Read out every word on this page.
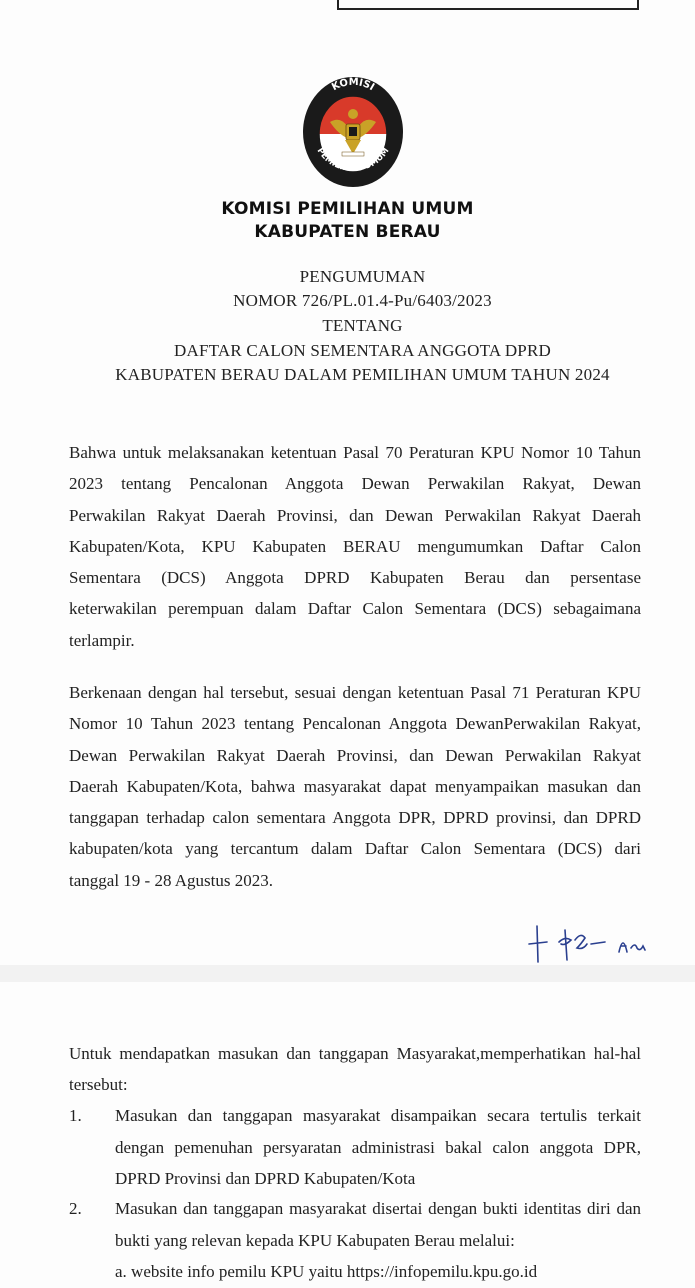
KOMISI
PEMILIHAN UMUM
KOMISI PEMILIHAN UMUM
KABUPATEN BERAU
PENGUMUMAN
NOMOR 726/PL.01.4-Pu/6403/2023
TENTANG
DAFTAR CALON SEMENTARA ANGGOTA DPRD
KABUPATEN BERAU DALAM PEMILIHAN UMUM TAHUN 2024
Bahwa untuk melaksanakan ketentuan Pasal 70 Peraturan KPU Nomor 10 Tahun
2023 tentang Pencalonan Anggota Dewan Perwakilan Rakyat, Dewan
Perwakilan Rakyat Daerah Provinsi, dan Dewan Perwakilan Rakyat Daerah
Kabupaten/Kota, KPU Kabupaten BERAU mengumumkan Daftar Calon
Sementara (DCS) Anggota DPRD Kabupaten Berau dan persentase
keterwakilan perempuan dalam Daftar Calon Sementara (DCS) sebagaimana
terlampir.
Berkenaan dengan hal tersebut, sesuai dengan ketentuan Pasal 71 Peraturan KPU
Nomor 10 Tahun 2023 tentang Pencalonan Anggota DewanPerwakilan Rakyat,
Dewan Perwakilan Rakyat Daerah Provinsi, dan Dewan Perwakilan Rakyat
Daerah Kabupaten/Kota, bahwa masyarakat dapat menyampaikan masukan dan
tanggapan terhadap calon sementara Anggota DPR, DPRD provinsi, dan DPRD
kabupaten/kota yang tercantum dalam Daftar Calon Sementara (DCS) dari
tanggal 19 - 28 Agustus 2023.
Untuk mendapatkan masukan dan tanggapan Masyarakat,memperhatikan hal-hal
tersebut:
1. Masukan dan tanggapan masyarakat disampaikan secara tertulis terkait
dengan pemenuhan persyaratan administrasi bakal calon anggota DPR,
DPRD Provinsi dan DPRD Kabupaten/Kota
2. Masukan dan tanggapan masyarakat disertai dengan bukti identitas diri dan
bukti yang relevan kepada KPU Kabupaten Berau melalui:
a. website info pemilu KPU yaitu https://infopemilu.kpu.go.id
